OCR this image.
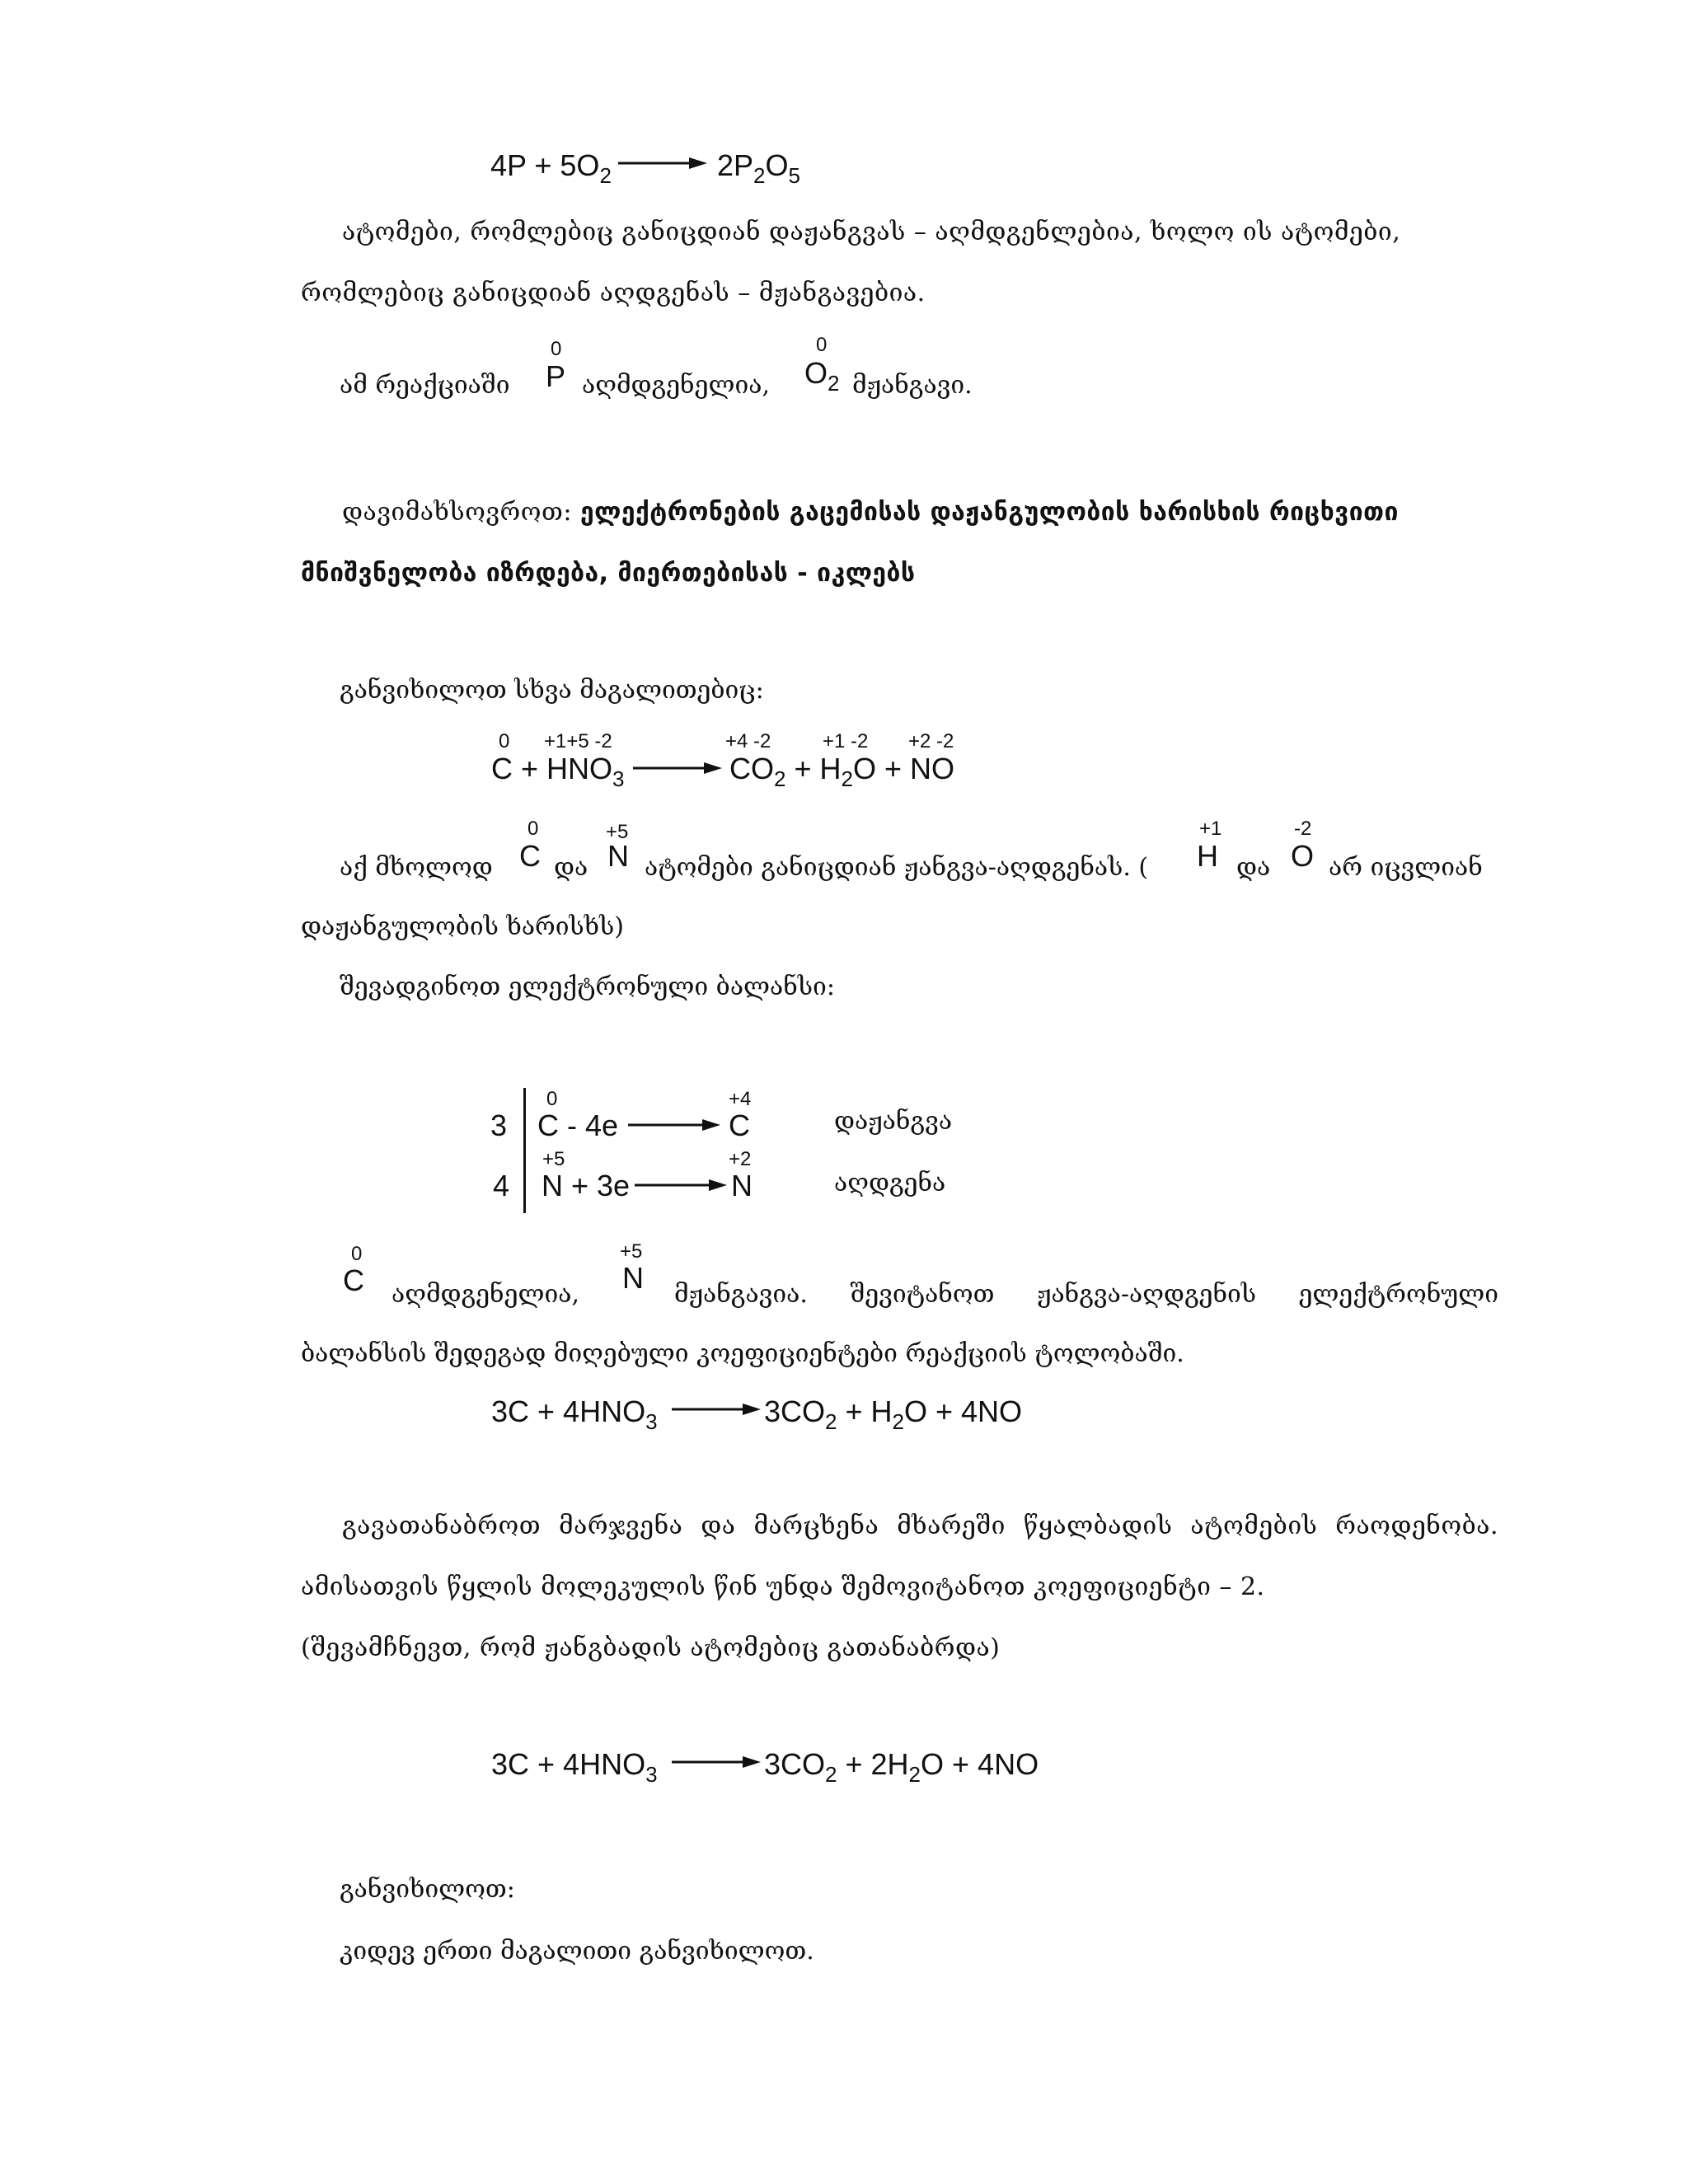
$4P + 5O_2$	$2P_2O_5$
ატომები, რომლებიც განიცდიან დაჟანგვას – აღმდგენლებია, ხოლო ის ატომები,
რომლებიც განიცდიან აღდგენას – მჟანგავებია.
ამ რეაქციაში
0
P აღმდგენელია,
0
$O_2$ მჟანგავი.
დავიმახსოვროთ: ელექტრონების გაცემისას დაჟანგულობის ხარისხის რიცხვითი
მნიშვნელობა იზრდება, მიერთებისას - იკლებს
განვიხილოთ სხვა მაგალითებიც:
0 +1+5 -2	+4 -2	+1 -2 +2 -2
$C + HNO_3$	$CO_2 + H_2O$ + NO
აქ მხოლოდ
0
C და
+5
N ატომები განიცდიან ჟანგვა-აღდგენას. (
+1
H და
-2
O არ იცვლიან
დაჟანგულობის ხარისხს)
შევადგინოთ ელექტრონული ბალანსი:
3
0
C - 4e
+4
C	დაჟანგვა
4
+5
N + 3e
+2
N	აღდგენა
0
C აღმდგენელია,
+5
N მჟანგავია. შევიტანოთ ჟანგვა-აღდგენის ელექტრონული
ბალანსის შედეგად მიღებული კოეფიციენტები რეაქციის ტოლობაში.
$3C + 4HNO_3$	$3CO_2 + H_2O + 4NO$
გავათანაბროთ მარჯვენა და მარცხენა მხარეში წყალბადის ატომების რაოდენობა. ამისათვის წყლის მოლეკულის წინ უნდა შემოვიტანოთ კოეფიციენტი – 2.
(შევამჩნევთ, რომ ჟანგბადის ატომებიც გათანაბრდა)
$3C + 4HNO_3$	$3CO_2 + 2H_2O + 4NO$
განვიხილოთ:
კიდევ ერთი მაგალითი განვიხილოთ.
